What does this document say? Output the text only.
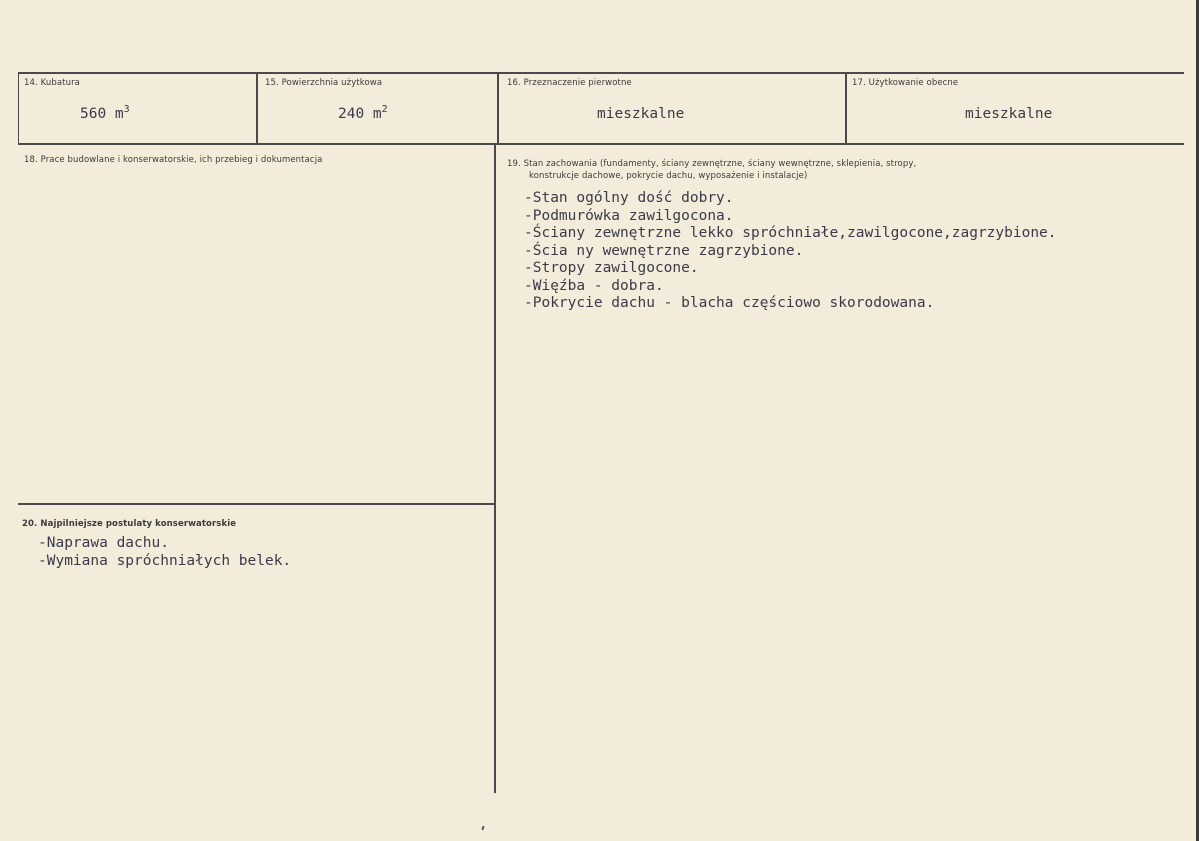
14. Kubatura
560 $m^3$
15. Powierzchnia użytkowa
240 $m^2$
16. Przeznaczenie pierwotne
mieszkalne
17. Użytkowanie obecne
mieszkalne
18. Prace budowlane i konserwatorskie, ich przebieg i dokumentacja	19. Stan zachowania (fundamenty, ściany zewnętrzne, ściany wewnętrzne, sklepienia, stropy,
konstrukcje dachowe, pokrycie dachu, wyposażenie i instalacje)
-Stan ogólny dość dobry.
-Podmurówka zawilgocona.
-Ściany zewnętrzne lekko spróchniałe,zawilgocone,zagrzybione.
-Ścia ny wewnętrzne zagrzybione.
-Stropy zawilgocone.
-Więźba - dobra.
-Pokrycie dachu - blacha częściowo skorodowana.
20. Najpilniejsze postulaty konserwatorskie
-Naprawa dachu.
-Wymiana spróchniałych belek.
